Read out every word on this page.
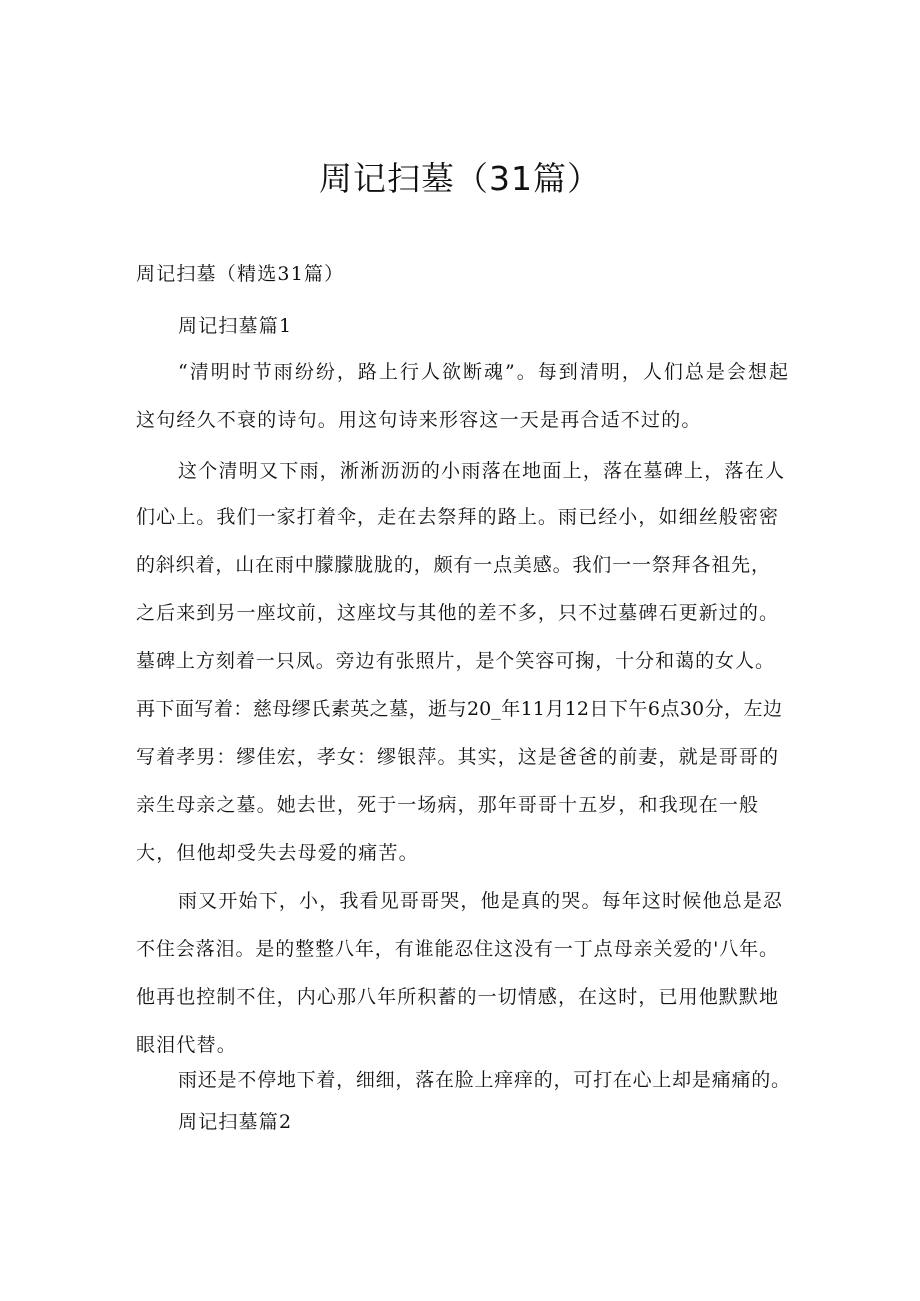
周记扫墓（31篇）
周记扫墓（精选31篇）
周记扫墓篇1
“清明时节雨纷纷，路上行人欲断魂”。每到清明，人们总是会想起
这句经久不衰的诗句。用这句诗来形容这一天是再合适不过的。
这个清明又下雨，淅淅沥沥的小雨落在地面上，落在墓碑上，落在人
们心上。我们一家打着伞，走在去祭拜的路上。雨已经小，如细丝般密密
的斜织着，山在雨中朦朦胧胧的，颇有一点美感。我们一一祭拜各祖先，
之后来到另一座坟前，这座坟与其他的差不多，只不过墓碑石更新过的。
墓碑上方刻着一只凤。旁边有张照片，是个笑容可掬，十分和蔼的女人。
再下面写着：慈母缪氏素英之墓，逝与20_年11月12日下午6点30分，左边
写着孝男：缪佳宏，孝女：缪银萍。其实，这是爸爸的前妻，就是哥哥的
亲生母亲之墓。她去世，死于一场病，那年哥哥十五岁，和我现在一般
大，但他却受失去母爱的痛苦。
雨又开始下，小，我看见哥哥哭，他是真的哭。每年这时候他总是忍
不住会落泪。是的整整八年，有谁能忍住这没有一丁点母亲关爱的'八年。
他再也控制不住，内心那八年所积蓄的一切情感，在这时，已用他默默地
眼泪代替。
雨还是不停地下着，细细，落在脸上痒痒的，可打在心上却是痛痛的。
周记扫墓篇2
